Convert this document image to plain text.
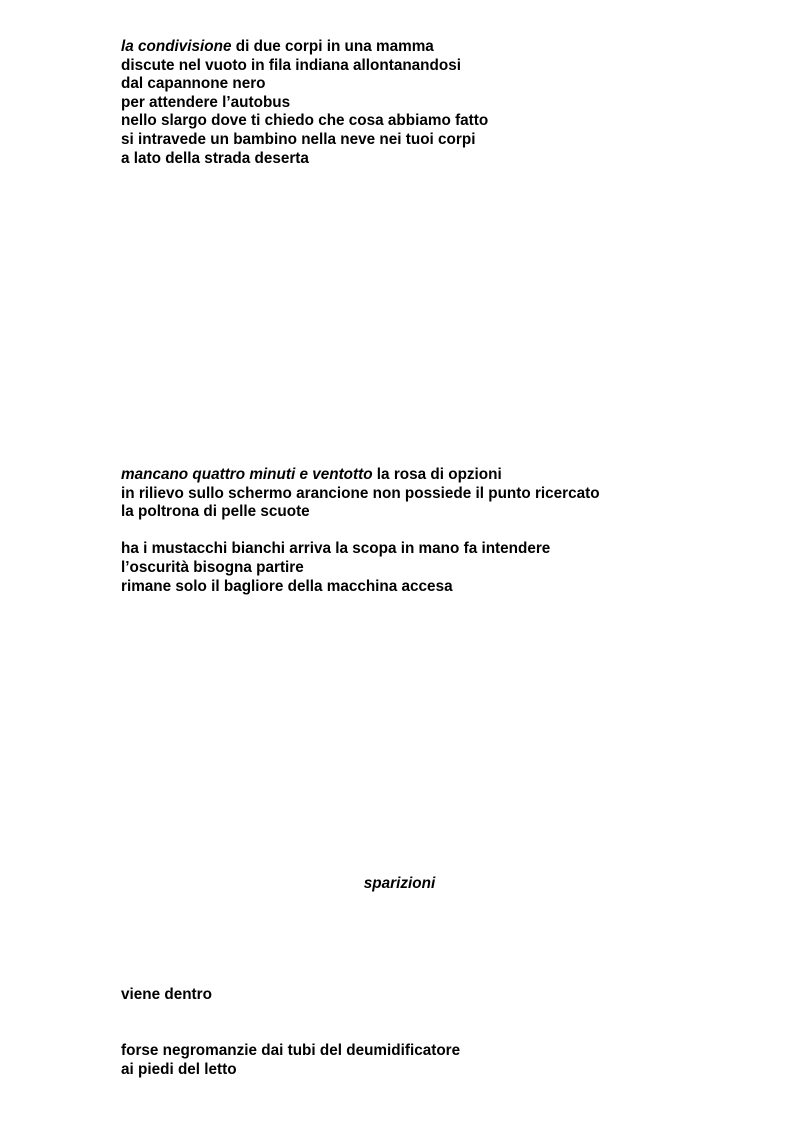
la condivisione di due corpi in una mamma
discute nel vuoto in fila indiana allontanandosi
dal capannone nero
per attendere l’autobus
nello slargo dove ti chiedo che cosa abbiamo fatto
si intravede un bambino nella neve nei tuoi corpi
a lato della strada deserta
mancano quattro minuti e ventotto la rosa di opzioni
in rilievo sullo schermo arancione non possiede il punto ricercato
la poltrona di pelle scuote
ha i mustacchi bianchi arriva la scopa in mano fa intendere
l’oscurità bisogna partire
rimane solo il bagliore della macchina accesa
sparizioni
viene dentro
forse negromanzie dai tubi del deumidificatore
ai piedi del letto
